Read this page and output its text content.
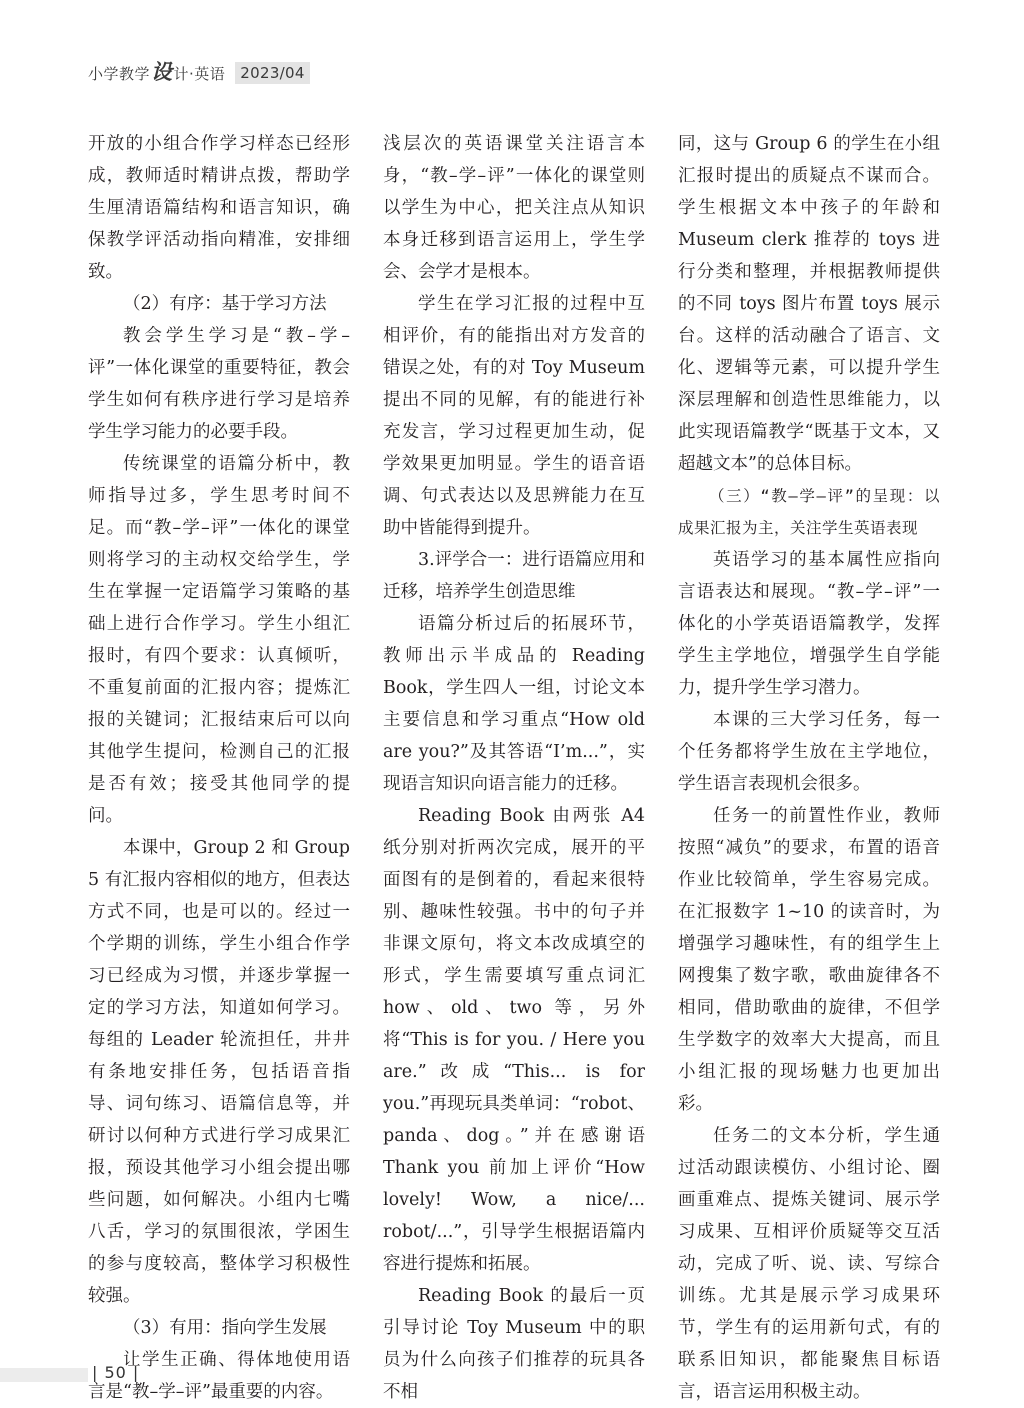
小学教学 设 计·英语	2023/04

开放的小组合作学习样态已经形成，教师适时精讲点拨，帮助学生厘清语篇结构和语言知识，确保教学评活动指向精准，安排细致。

（2）有序：基于学习方法

教会学生学习是“教–学–评”一体化课堂的重要特征，教会学生如何有秩序进行学习是培养学生学习能力的必要手段。

传统课堂的语篇分析中，教师指导过多，学生思考时间不足。而“教–学–评”一体化的课堂则将学习的主动权交给学生，学生在掌握一定语篇学习策略的基础上进行合作学习。学生小组汇报时，有四个要求：认真倾听，不重复前面的汇报内容；提炼汇报的关键词；汇报结束后可以向其他学生提问，检测自己的汇报是否有效；接受其他同学的提问。

本课中，Group 2 和 Group 5 有汇报内容相似的地方，但表达方式不同，也是可以的。经过一个学期的训练，学生小组合作学习已经成为习惯，并逐步掌握一定的学习方法，知道如何学习。每组的 Leader 轮流担任，井井有条地安排任务，包括语音指导、词句练习、语篇信息等，并研讨以何种方式进行学习成果汇报，预设其他学习小组会提出哪些问题，如何解决。小组内七嘴八舌，学习的氛围很浓，学困生的参与度较高，整体学习积极性较强。

（3）有用：指向学生发展

让学生正确、得体地使用语言是“教–学–评”最重要的内容。

浅层次的英语课堂关注语言本身，“教–学–评”一体化的课堂则以学生为中心，把关注点从知识本身迁移到语言运用上，学生学会、会学才是根本。

学生在学习汇报的过程中互相评价，有的能指出对方发音的错误之处，有的对 Toy Museum 提出不同的见解，有的能进行补充发言，学习过程更加生动，促学效果更加明显。学生的语音语调、句式表达以及思辨能力在互助中皆能得到提升。

3.评学合一：进行语篇应用和迁移，培养学生创造思维

语篇分析过后的拓展环节，教师出示半成品的 Reading Book，学生四人一组，讨论文本主要信息和学习重点“How old are you?”及其答语“I’m...”，实现语言知识向语言能力的迁移。

Reading Book 由两张 A4 纸分别对折两次完成，展开的平面图有的是倒着的，看起来很特别、趣味性较强。书中的句子并非课文原句，将文本改成填空的形式，学生需要填写重点词汇 how、old、two 等，另外将“This is for you. / Here you are.”改成“This... is for you.”再现玩具类单词：“robot、panda、dog。”并在感谢语 Thank you 前加上评价“How lovely! Wow, a nice/... robot/...”，引导学生根据语篇内容进行提炼和拓展。

Reading Book 的最后一页引导讨论 Toy Museum 中的职员为什么向孩子们推荐的玩具各不相

同，这与 Group 6 的学生在小组汇报时提出的质疑点不谋而合。学生根据文本中孩子的年龄和 Museum clerk 推荐的 toys 进行分类和整理，并根据教师提供的不同 toys 图片布置 toys 展示台。这样的活动融合了语言、文化、逻辑等元素，可以提升学生深层理解和创造性思维能力，以此实现语篇教学“既基于文本，又超越文本”的总体目标。

（三）“教–学–评”的呈现：以成果汇报为主，关注学生英语表现

英语学习的基本属性应指向言语表达和展现。“教–学–评”一体化的小学英语语篇教学，发挥学生主学地位，增强学生自学能力，提升学生学习潜力。

本课的三大学习任务，每一个任务都将学生放在主学地位，学生语言表现机会很多。

任务一的前置性作业，教师按照“减负”的要求，布置的语音作业比较简单，学生容易完成。在汇报数字 1~10 的读音时，为增强学习趣味性，有的组学生上网搜集了数字歌，歌曲旋律各不相同，借助歌曲的旋律，不但学生学数字的效率大大提高，而且小组汇报的现场魅力也更加出彩。

任务二的文本分析，学生通过活动跟读模仿、小组讨论、圈画重难点、提炼关键词、展示学习成果、互相评价质疑等交互活动，完成了听、说、读、写综合训练。尤其是展示学习成果环节，学生有的运用新句式，有的联系旧知识，都能聚焦目标语言，语言运用积极主动。

| 50 |
